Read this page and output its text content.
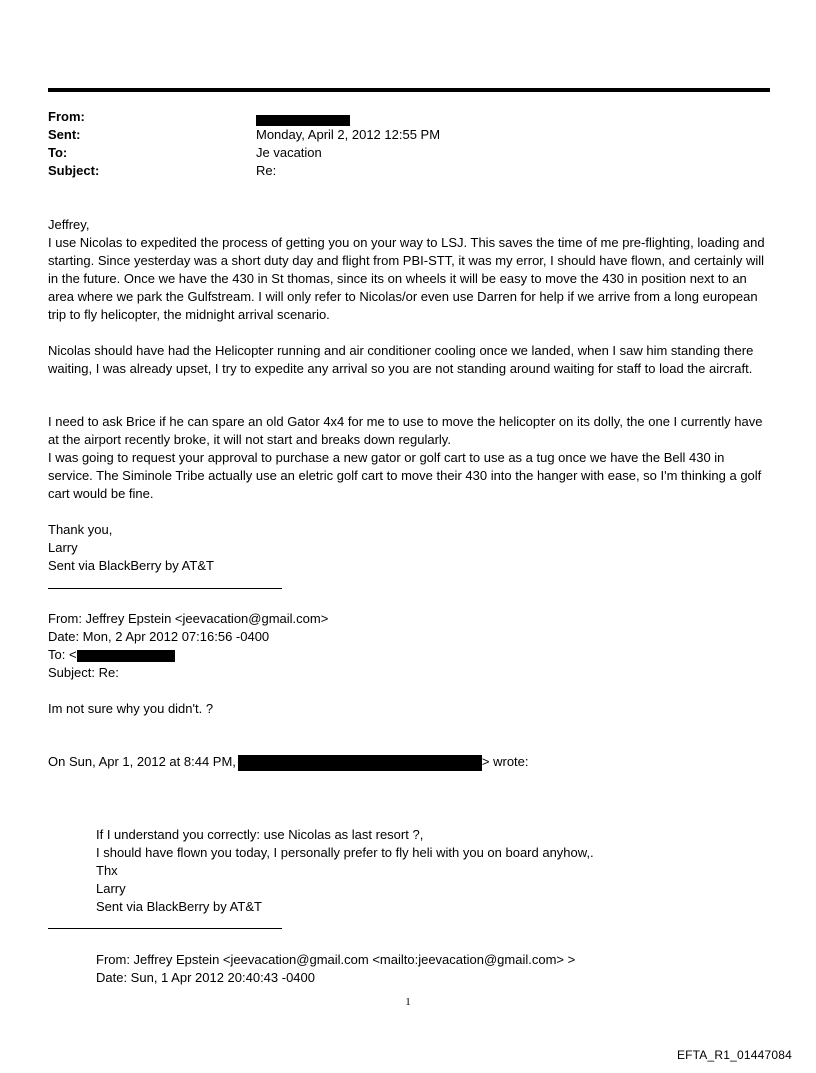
From:
Sent:	Monday, April 2, 2012 12:55 PM
To:	Je vacation
Subject:	Re:
Jeffrey,

I use Nicolas to expedited the process of getting you on your way to LSJ. This saves the time of me pre-flighting, loading and starting. Since yesterday was a short duty day and flight from PBI-STT, it was my error, I should have flown, and certainly will in the future. Once we have the 430 in St thomas, since its on wheels it will be easy to move the 430 in position next to an area where we park the Gulfstream. I will only refer to Nicolas/or even use Darren for help if we arrive from a long european trip to fly helicopter, the midnight arrival scenario.

Nicolas should have had the Helicopter running and air conditioner cooling once we landed, when I saw him standing there waiting, I was already upset, I try to expedite any arrival so you are not standing around waiting for staff to load the aircraft.

I need to ask Brice if he can spare an old Gator 4x4 for me to use to move the helicopter on its dolly, the one I currently have at the airport recently broke, it will not start and breaks down regularly.

I was going to request your approval to purchase a new gator or golf cart to use as a tug once we have the Bell 430 in service. The Siminole Tribe actually use an eletric golf cart to move their 430 into the hanger with ease, so I'm thinking a golf cart would be fine.

Thank you,
Larry
Sent via BlackBerry by AT&T
From: Jeffrey Epstein <jeevacation@gmail.com>
Date: Mon, 2 Apr 2012 07:16:56 -0400
To: <
Subject: Re:
Im not sure why you didn't. ?
On Sun, Apr 1, 2012 at 8:44 PM,	> wrote:
If I understand you correctly: use Nicolas as last resort ?,
I should have flown you today, I personally prefer to fly heli with you on board anyhow,.
Thx
Larry
Sent via BlackBerry by AT&T
From: Jeffrey Epstein <jeevacation@gmail.com <mailto:jeevacation@gmail.com> >
Date: Sun, 1 Apr 2012 20:40:43 -0400
1
EFTA_R1_01447084
